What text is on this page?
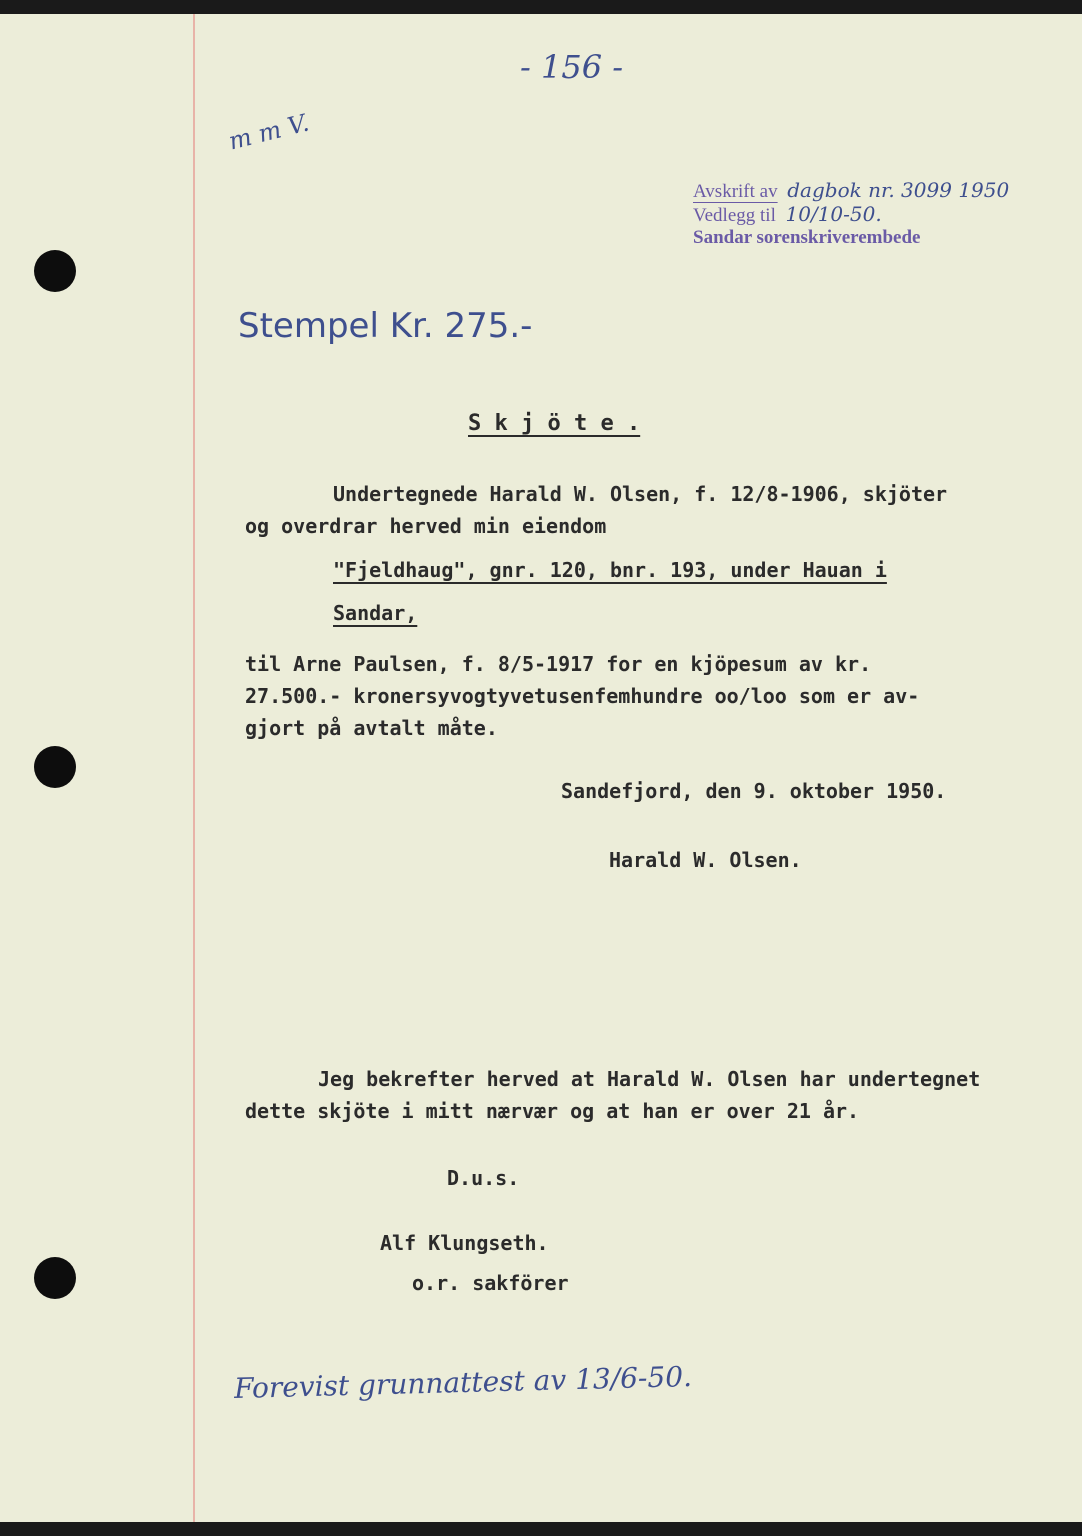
- 156 -
m m V.
Avskrift av dagbok nr. 3099 1950
Vedlegg til 10/10-50.
Sandar sorenskriverembede
Stempel Kr. 275.-
S k j ö t e .
Undertegnede Harald W. Olsen, f. 12/8-1906, skjöter
og overdrar herved min eiendom
"Fjeldhaug", gnr. 120, bnr. 193, under Hauan i
Sandar,
til Arne Paulsen, f. 8/5-1917 for en kjöpesum av kr.
27.500.- kronersyvogtyvetusenfemhundre oo/loo som er av-
gjort på avtalt måte.
Sandefjord, den 9. oktober 1950.
Harald W. Olsen.
Jeg bekrefter herved at Harald W. Olsen har undertegnet
dette skjöte i mitt nærvær og at han er over 21 år.
D.u.s.
Alf Klungseth.
o.r. sakförer
Forevist grunnattest av 13/6-50.
